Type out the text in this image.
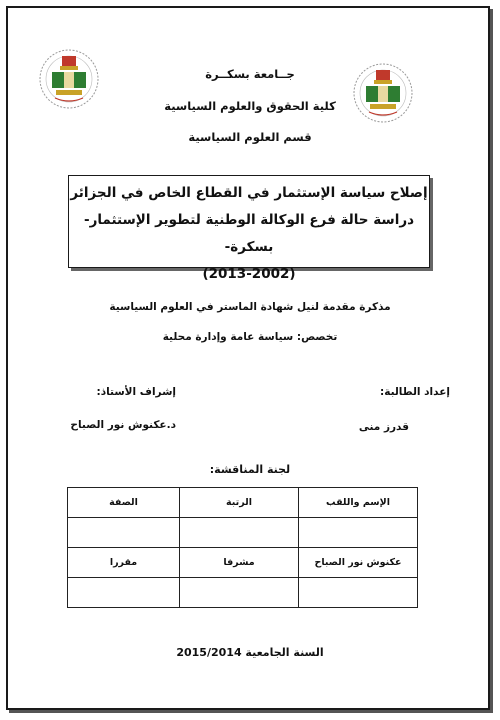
جــامعة بسكــرة
كلية الحقوق والعلوم السياسية
قسم العلوم السياسية
إصلاح سياسة الإستثمار في القطاع الخاص في الجزائر
دراسة حالة فرع الوكالة الوطنية لتطوير الإستثمار- بسكرة-
(2013-2002)
مذكرة مقدمة لنيل شهادة الماستر في العلوم السياسية
تخصص: سياسة عامة وإدارة محلية
إعداد الطالبة:
إشراف الأستاذ:
قدرز منى
د.عكنوش نور الصباح
لجنة المناقشة:
الإسم واللقب	الرتبة	الصفة

عكنوش نور الصباح	مشرفا	مقررا

السنة الجامعية 2015/2014
